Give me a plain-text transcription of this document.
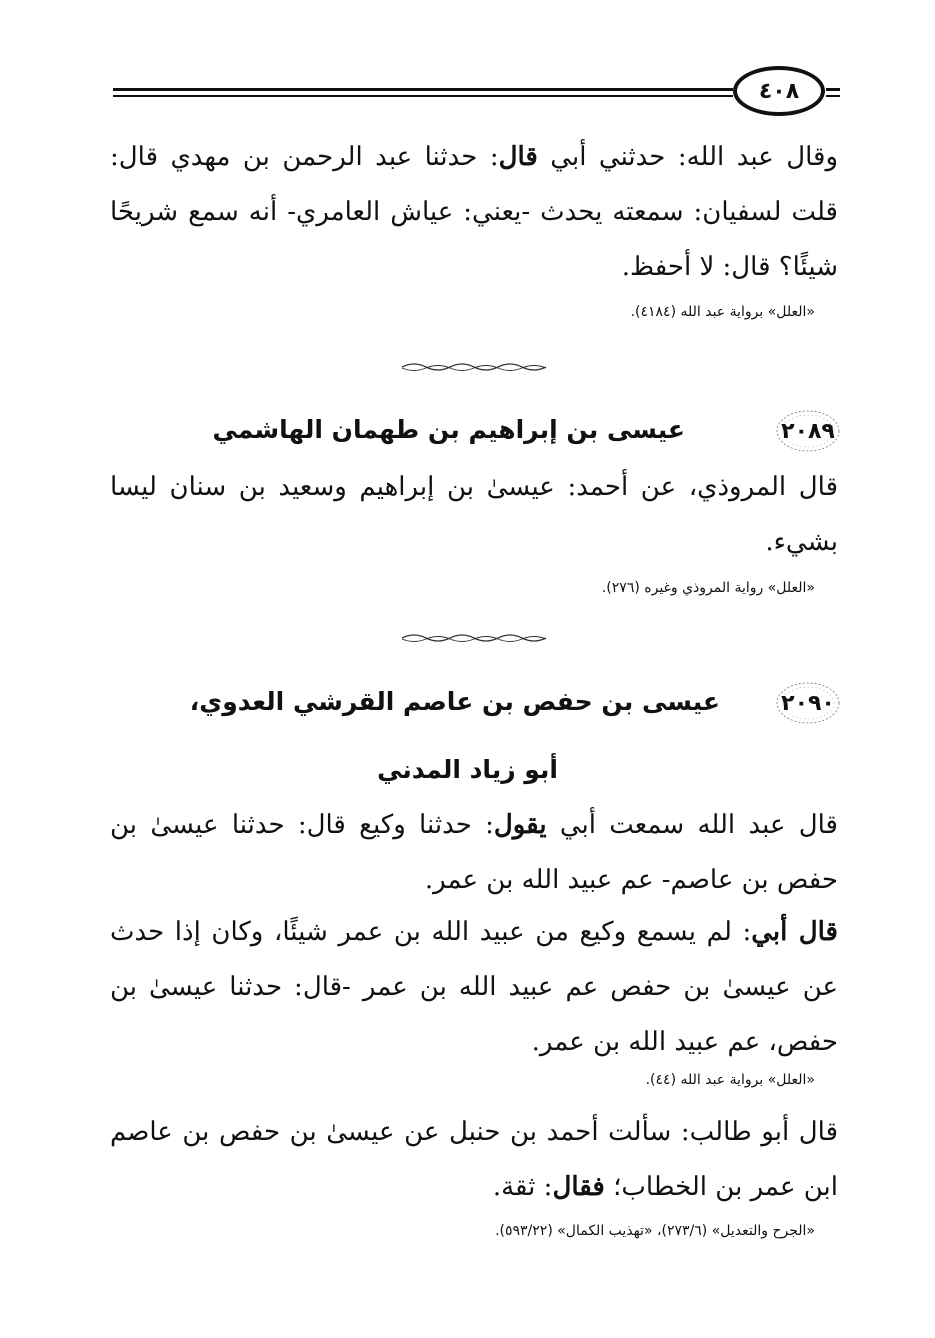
٤٠٨
وقال عبد الله: حدثني أبي قال: حدثنا عبد الرحمن بن مهدي قال: قلت لسفيان: سمعته يحدث -يعني: عياش العامري- أنه سمع شريحًا شيئًا؟ قال: لا أحفظ.
«العلل» برواية عبد الله (٤١٨٤).
٢٠٨٩
عيسى بن إبراهيم بن طهمان الهاشمي
قال المروذي، عن أحمد: عيسىٰ بن إبراهيم وسعيد بن سنان ليسا بشيء.
«العلل» رواية المروذي وغيره (٢٧٦).
٢٠٩٠
عيسى بن حفص بن عاصم القرشي العدوي،
أبو زياد المدني
قال عبد الله سمعت أبي يقول: حدثنا وكيع قال: حدثنا عيسىٰ بن حفص بن عاصم- عم عبيد الله بن عمر.
قال أبي: لم يسمع وكيع من عبيد الله بن عمر شيئًا، وكان إذا حدث عن عيسىٰ بن حفص عم عبيد الله بن عمر -قال: حدثنا عيسىٰ بن حفص، عم عبيد الله بن عمر.
«العلل» برواية عبد الله (٤٤).
قال أبو طالب: سألت أحمد بن حنبل عن عيسىٰ بن حفص بن عاصم ابن عمر بن الخطاب؛ فقال: ثقة.
«الجرح والتعديل» (٢٧٣/٦)، «تهذيب الكمال» (٥٩٣/٢٢).
